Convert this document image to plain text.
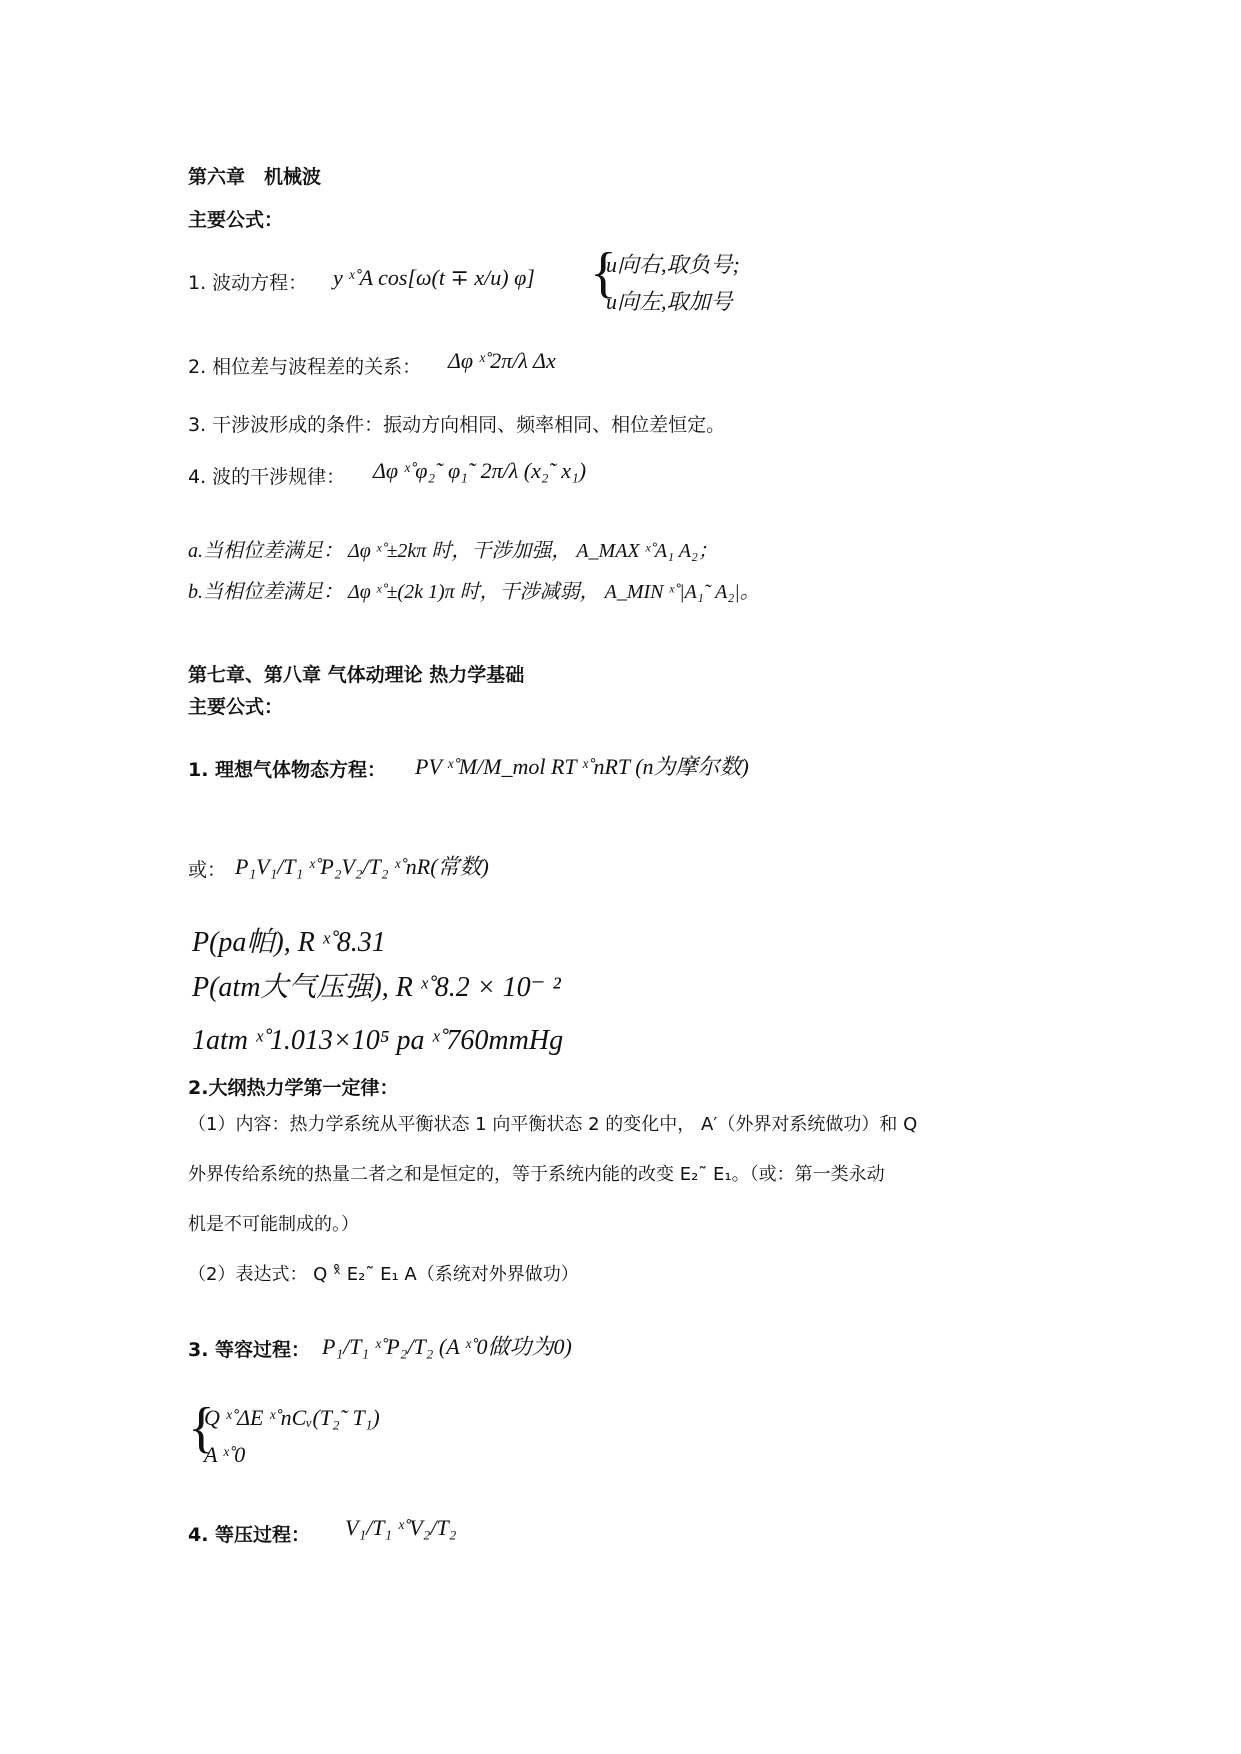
第六章　机械波
主要公式：
1. 波动方程： y ˣ̊ A cos[ω(t ∓ x/u) φ] {
u向右,取负号;
u向左,取加号
2. 相位差与波程差的关系： Δφ ˣ̊ 2π/λ Δx
3. 干涉波形成的条件：振动方向相同、频率相同、相位差恒定。
4. 波的干涉规律： Δφ ˣ̊ φ₂˜ φ₁˜ 2π/λ (x₂˜ x₁)
a.当相位差满足： Δφ ˣ̊ ±2kπ 时，干涉加强， A_MAX ˣ̊ A₁ A₂；
b.当相位差满足： Δφ ˣ̊ ±(2k 1)π 时，干涉减弱， A_MIN ˣ̊ |A₁˜ A₂|。
第七章、第八章 气体动理论 热力学基础
主要公式：
1. 理想气体物态方程： PV ˣ̊ M/M_mol RT ˣ̊ nRT (n为摩尔数)
或： P₁V₁/T₁ ˣ̊ P₂V₂/T₂ ˣ̊ nR(常数)
P(pa帕), R ˣ̊ 8.31
P(atm大气压强), R ˣ̊ 8.2 × 10⁻ ²
1atm ˣ̊ 1.013×10⁵ pa ˣ̊ 760mmHg
2.大纲热力学第一定律：
（1）内容：热力学系统从平衡状态 1 向平衡状态 2 的变化中， A′（外界对系统做功）和 Q
外界传给系统的热量二者之和是恒定的，等于系统内能的改变 E₂˜ E₁。（或：第一类永动
机是不可能制成的。）
（2）表达式： Q ˣ̊ E₂˜ E₁ A（系统对外界做功）
3. 等容过程： P₁/T₁ ˣ̊ P₂/T₂ (A ˣ̊ 0做功为0)
{
Q ˣ̊ ΔE ˣ̊ nCᵥ(T₂˜ T₁)
A ˣ̊ 0
4. 等压过程： V₁/T₁ ˣ̊ V₂/T₂
